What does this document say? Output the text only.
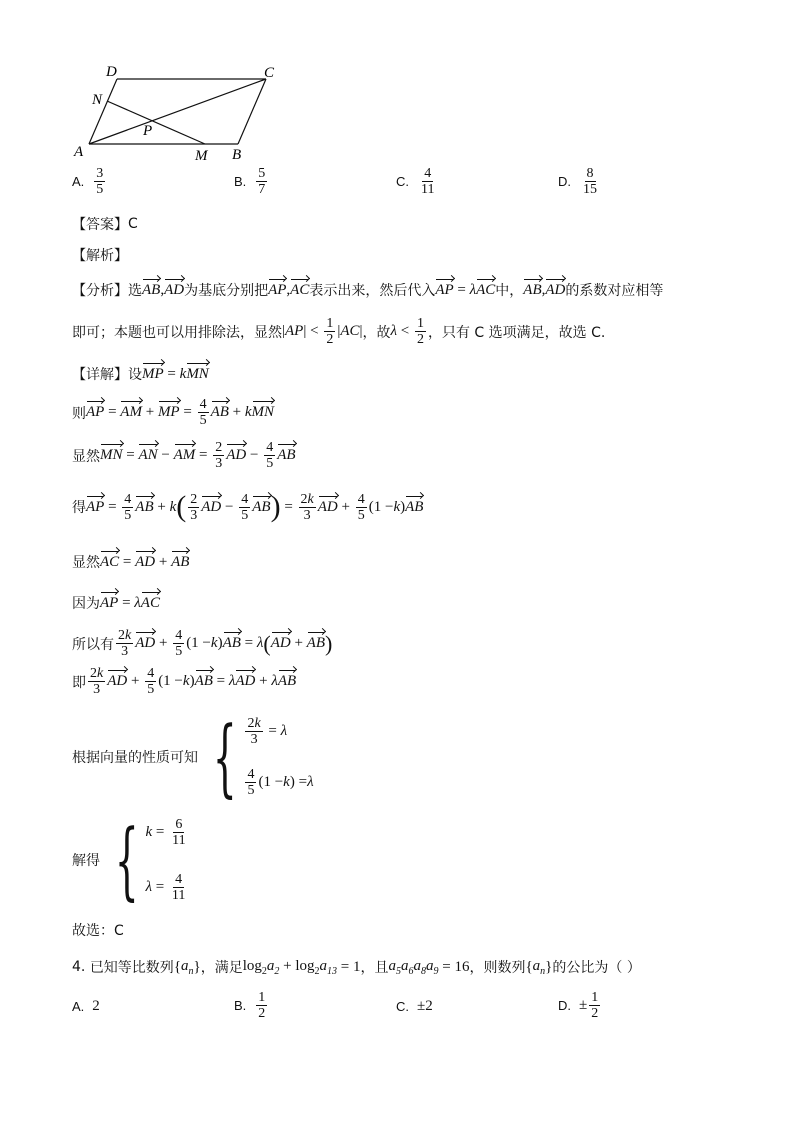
D	C
N
P
A	M B
A. $\frac{3}{5}$	B. $\frac{5}{7}$	C. $\frac{4}{11}$	D. $\frac{8}{15}$
【答案】 C
【解析】
【分析】 选 AB , AD 为基底分别把 AP , AC 表示出来，然后代入 AP = λ AC 中， AB , AD 的系数对应相等
即可；本题也可以用排除法，显然 | AP | < $\frac{1}{2}$ | AC | ，故 $\lambda < \frac{1}{2}$ ，只有 C 选项满足，故选 C.
【详解】 设 MP = k MN
则 AP = AM + MP = $\frac{4}{5}$ AB + k MN
显然 MN = AN − AM = $\frac{2}{3}$ AD − $\frac{4}{5}$ AB
得 AP = $\frac{4}{5}$ AB + k ( $\frac{2}{3}$ AD − $\frac{4}{5}$ AB ) = $\frac{2k}{3}$ AD + $\frac{4}{5} (1 - k$ ) AB
显然 AC = AD + AB
因为 AP = λ AC
所以有 $\frac{2k}{3}$ AD + $\frac{4}{5} (1 - k$ ) AB = λ ( AD + AB )
即 $\frac{2k}{3}$ AD + $\frac{4}{5} (1 - k$ ) AB = λ AD + λ AB
根据向量的性质可知 { $\frac{2k}{3} = \lambda$
$\frac{4}{5} (1 - k$ ) = λ
解得 { $k = \frac{6}{11}$
$\lambda = \frac{4}{11}$
故选：C
4.
已知等比数列 { $a_n$ } ，满足 $\log_2 a_2 + \log_2 a_{13} = 1$ ，且 $a_5a_6a_8a_9 = 16$ ，则数列 { $a_n$ } 的公比为（ ）
A. 2	B. $\frac{1}{2}$	C. ±2	D. ± $\frac{1}{2}$
